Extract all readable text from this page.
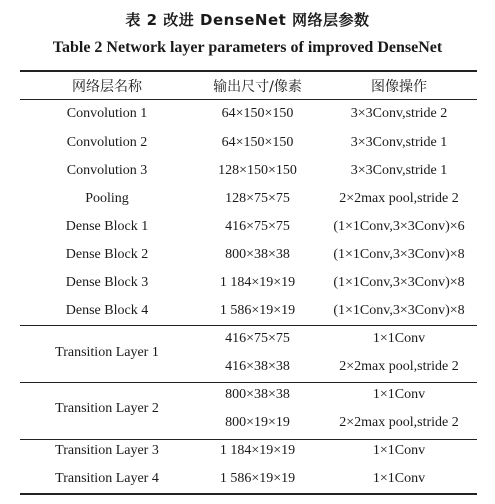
表 2 改进 DenseNet 网络层参数
Table 2 Network layer parameters of improved DenseNet
网络层名称	输出尺寸/像素	图像操作
Convolution 1	64×150×150	3×3Conv,stride 2
Convolution 2	64×150×150	3×3Conv,stride 1
Convolution 3	128×150×150	3×3Conv,stride 1
Pooling	128×75×75	2×2max pool,stride 2
Dense Block 1	416×75×75	(1×1Conv,3×3Conv)×6
Dense Block 2	800×38×38	(1×1Conv,3×3Conv)×8
Dense Block 3	1 184×19×19	(1×1Conv,3×3Conv)×8
Dense Block 4	1 586×19×19	(1×1Conv,3×3Conv)×8
Transition Layer 1	416×75×75	1×1Conv
	416×38×38	2×2max pool,stride 2
Transition Layer 2	800×38×38	1×1Conv
	800×19×19	2×2max pool,stride 2
Transition Layer 3	1 184×19×19	1×1Conv
Transition Layer 4	1 586×19×19	1×1Conv
